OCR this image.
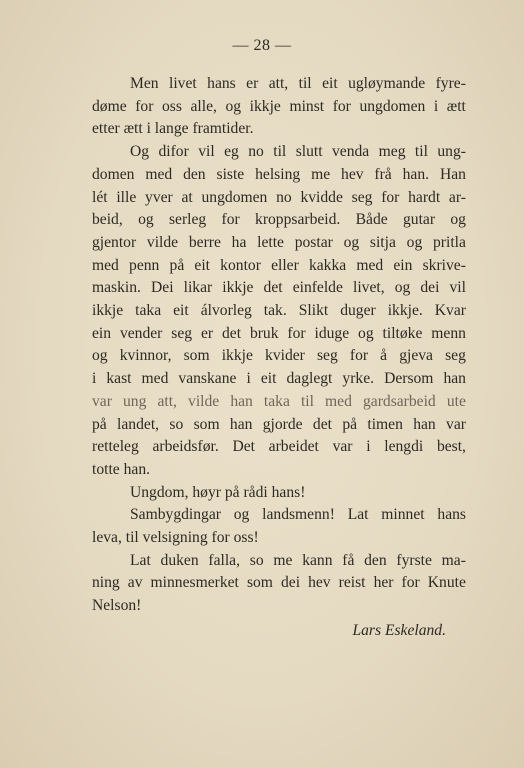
— 28 —
Men livet hans er att, til eit ugløymande fyre-
døme for oss alle, og ikkje minst for ungdomen i ætt
etter ætt i lange framtider.
Og difor vil eg no til slutt venda meg til ung-
domen med den siste helsing me hev frå han. Han
lét ille yver at ungdomen no kvidde seg for hardt ar-
beid, og serleg for kroppsarbeid. Både gutar og
gjentor vilde berre ha lette postar og sitja og pritla
med penn på eit kontor eller kakka med ein skrive-
maskin. Dei likar ikkje det einfelde livet, og dei vil
ikkje taka eit álvorleg tak. Slikt duger ikkje. Kvar
ein vender seg er det bruk for iduge og tiltøke menn
og kvinnor, som ikkje kvider seg for å gjeva seg
i kast med vanskane i eit daglegt yrke. Dersom han
var ung att, vilde han taka til med gardsarbeid ute
på landet, so som han gjorde det på timen han var
retteleg arbeidsfør. Det arbeidet var i lengdi best,
totte han.
Ungdom, høyr på rådi hans!
Sambygdingar og landsmenn! Lat minnet hans
leva, til velsigning for oss!
Lat duken falla, so me kann få den fyrste ma-
ning av minnesmerket som dei hev reist her for Knute
Nelson!
Lars Eskeland.
